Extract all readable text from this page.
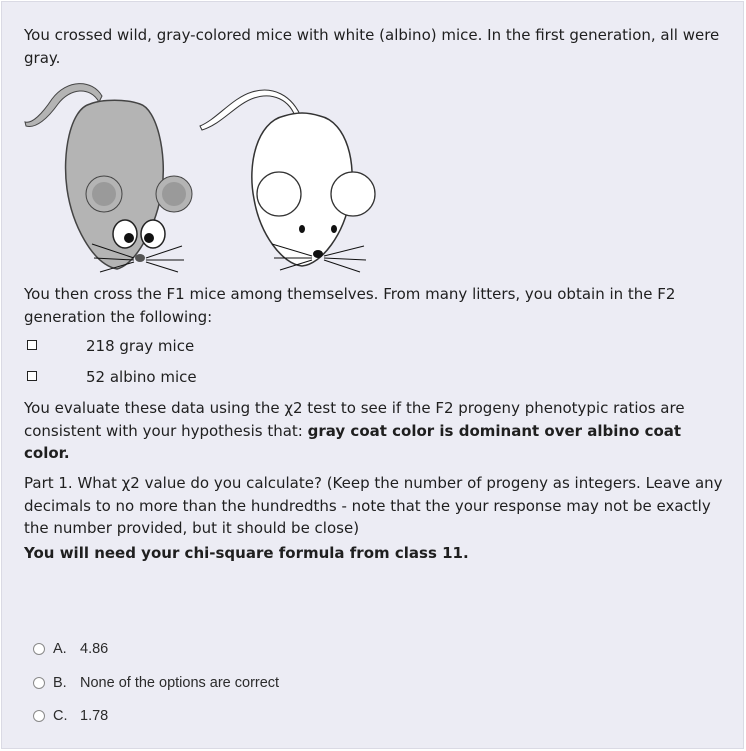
You crossed wild, gray-colored mice with white (albino) mice. In the first generation, all were gray.

You then cross the F1 mice among themselves. From many litters, you obtain in the F2 generation the following:

218 gray mice
52 albino mice

You evaluate these data using the χ2 test to see if the F2 progeny phenotypic ratios are consistent with your hypothesis that: gray coat color is dominant over albino coat color.

Part 1. What χ2 value do you calculate? (Keep the number of progeny as integers. Leave any decimals to no more than the hundredths - note that the your response may not be exactly the number provided, but it should be close)

You will need your chi-square formula from class 11.

A. 4.86
B. None of the options are correct
C. 1.78
